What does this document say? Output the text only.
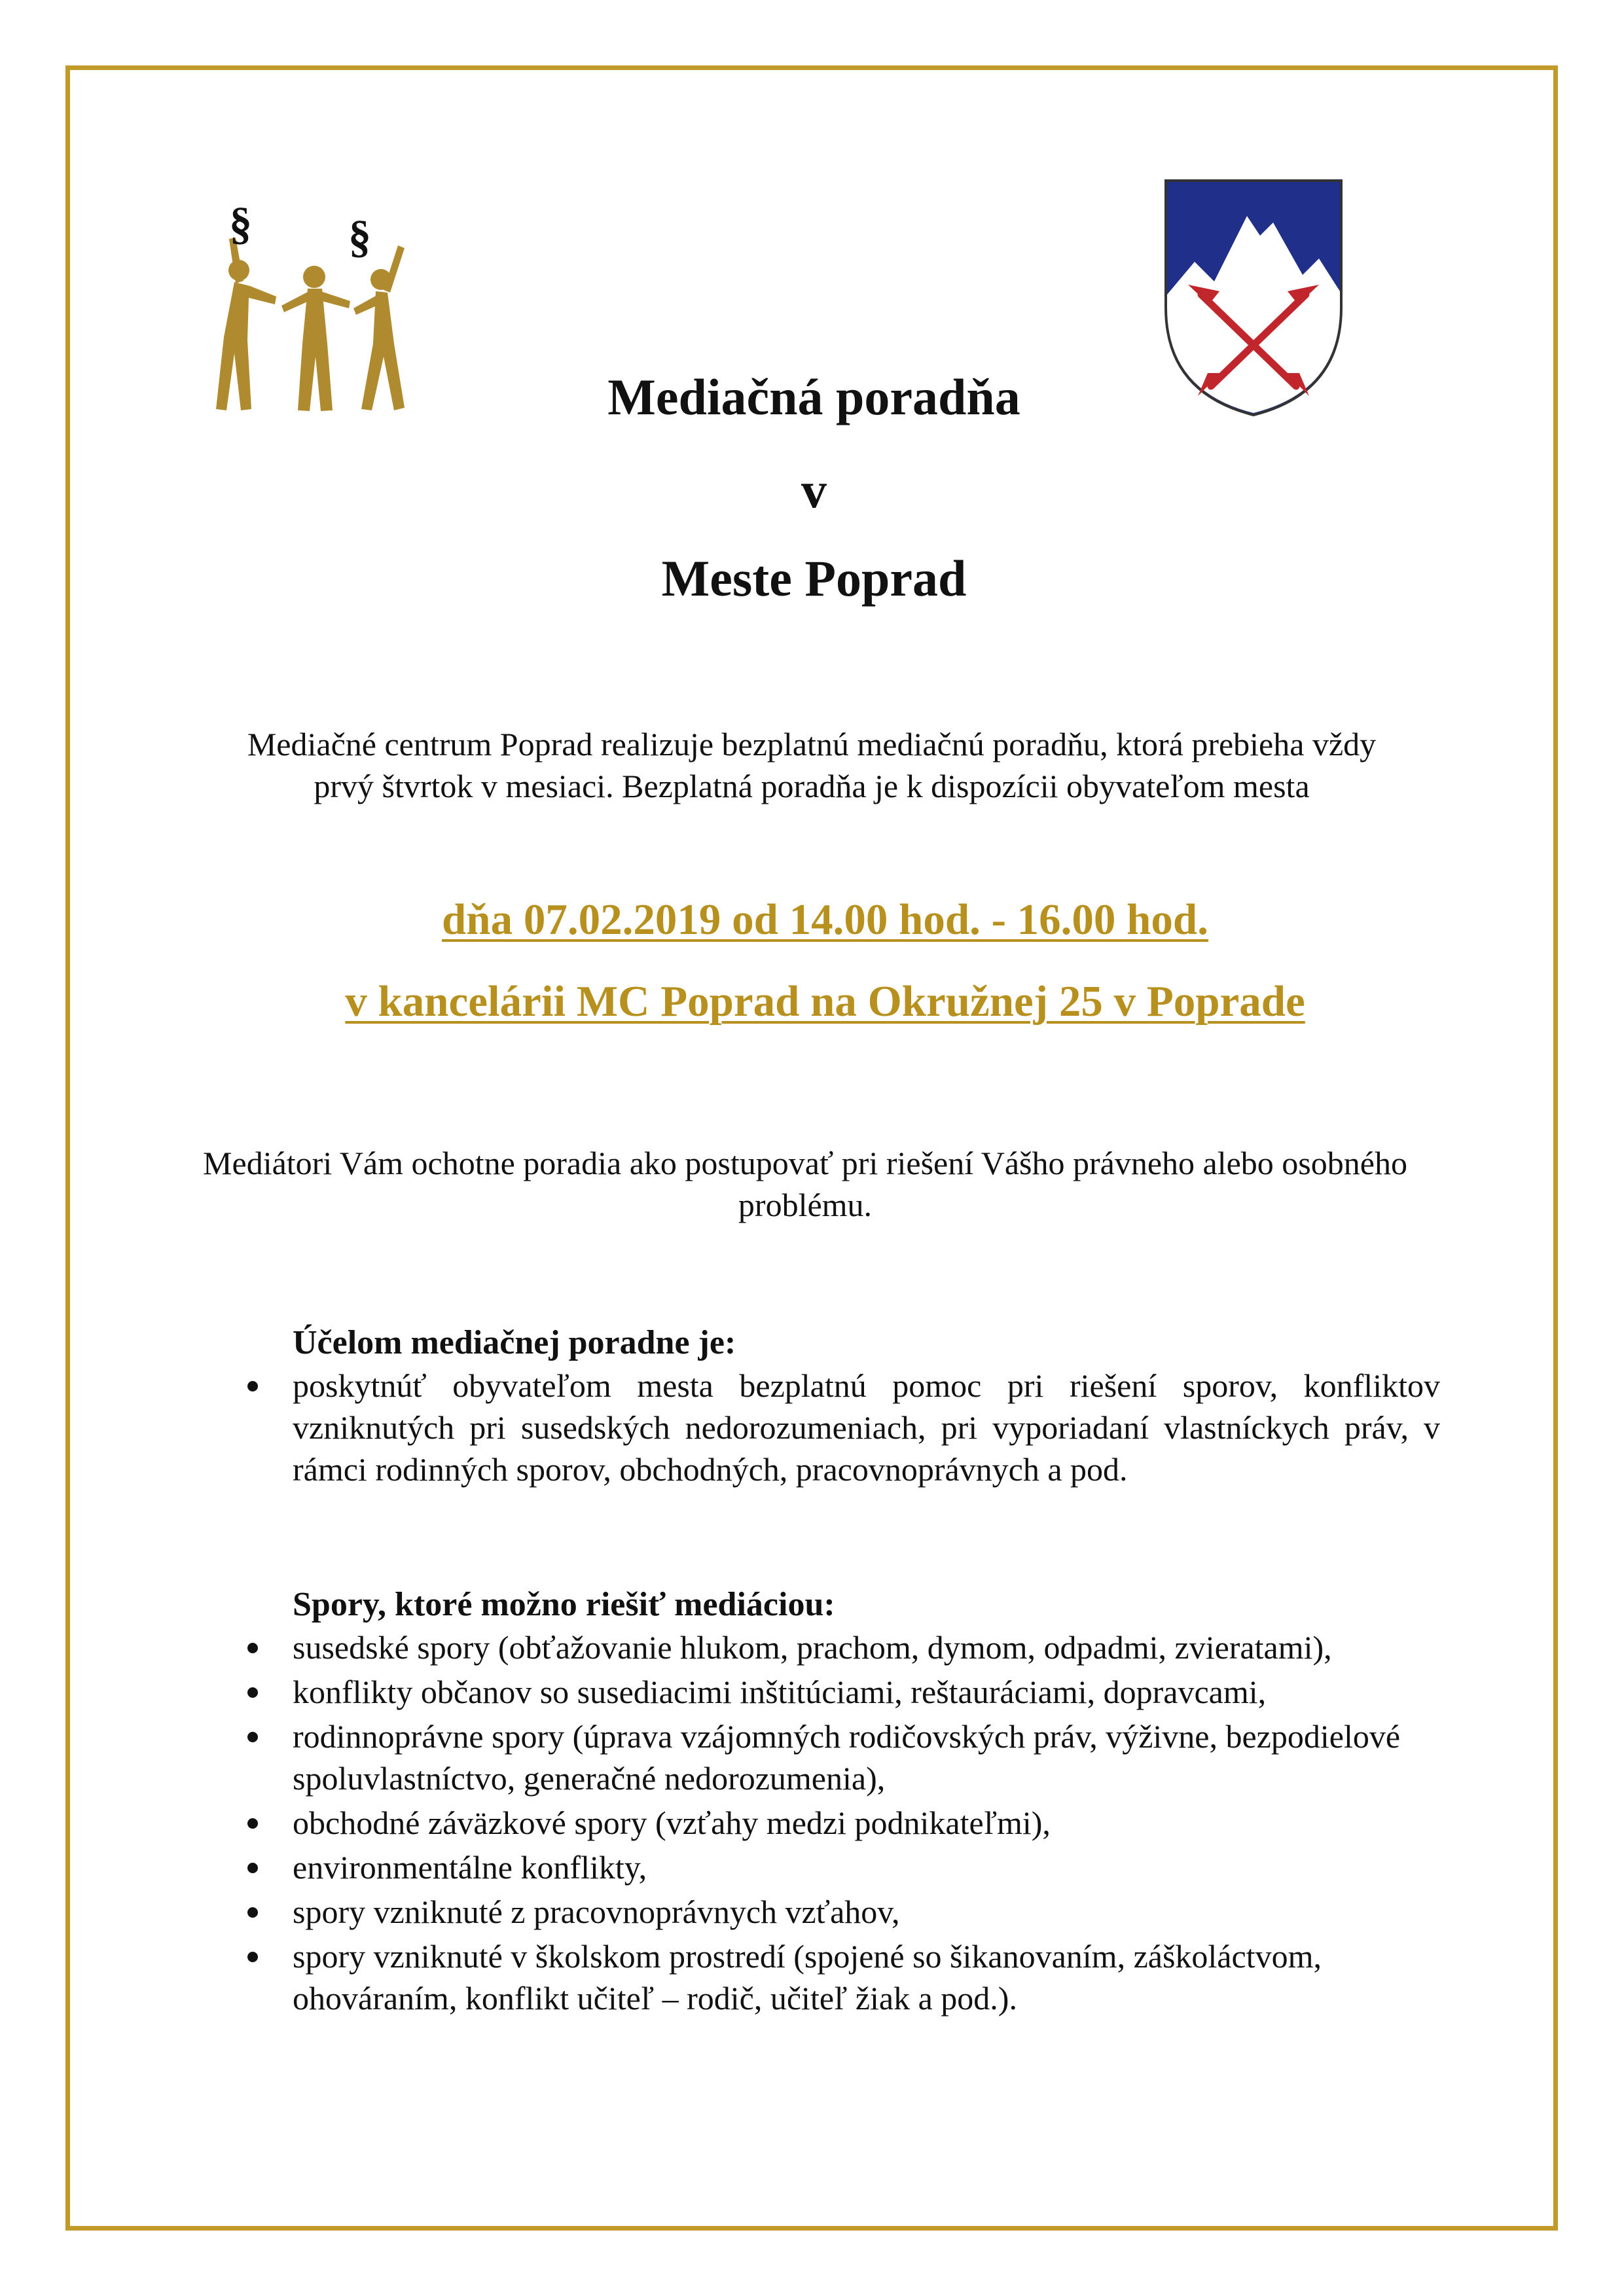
§ §
Mediačná poradňa
v
Meste Poprad
Mediačné centrum Poprad realizuje bezplatnú mediačnú poradňu, ktorá prebieha vždy prvý štvrtok v mesiaci. Bezplatná poradňa je k dispozícii obyvateľom mesta
dňa 07.02.2019 od 14.00 hod. - 16.00 hod.
v kancelárii MC Poprad na Okružnej 25 v Poprade
Mediátori Vám ochotne poradia ako postupovať pri riešení Vášho právneho alebo osobného problému.
Účelom mediačnej poradne je:
poskytnúť obyvateľom mesta bezplatnú pomoc pri riešení sporov, konfliktov vzniknutých pri susedských nedorozumeniach, pri vyporiadaní vlastníckych práv, v rámci rodinných sporov, obchodných, pracovnoprávnych a pod.
Spory, ktoré možno riešiť mediáciou:
susedské spory (obťažovanie hlukom, prachom, dymom, odpadmi, zvieratami),
konflikty občanov so susediacimi inštitúciami, reštauráciami, dopravcami,
rodinnoprávne spory (úprava vzájomných rodičovských práv, výživne, bezpodielové spoluvlastníctvo, generačné nedorozumenia),
obchodné záväzkové spory (vzťahy medzi podnikateľmi),
environmentálne konflikty,
spory vzniknuté z pracovnoprávnych vzťahov,
spory vzniknuté v školskom prostredí (spojené so šikanovaním, záškoláctvom, ohováraním, konflikt učiteľ – rodič, učiteľ žiak a pod.).
